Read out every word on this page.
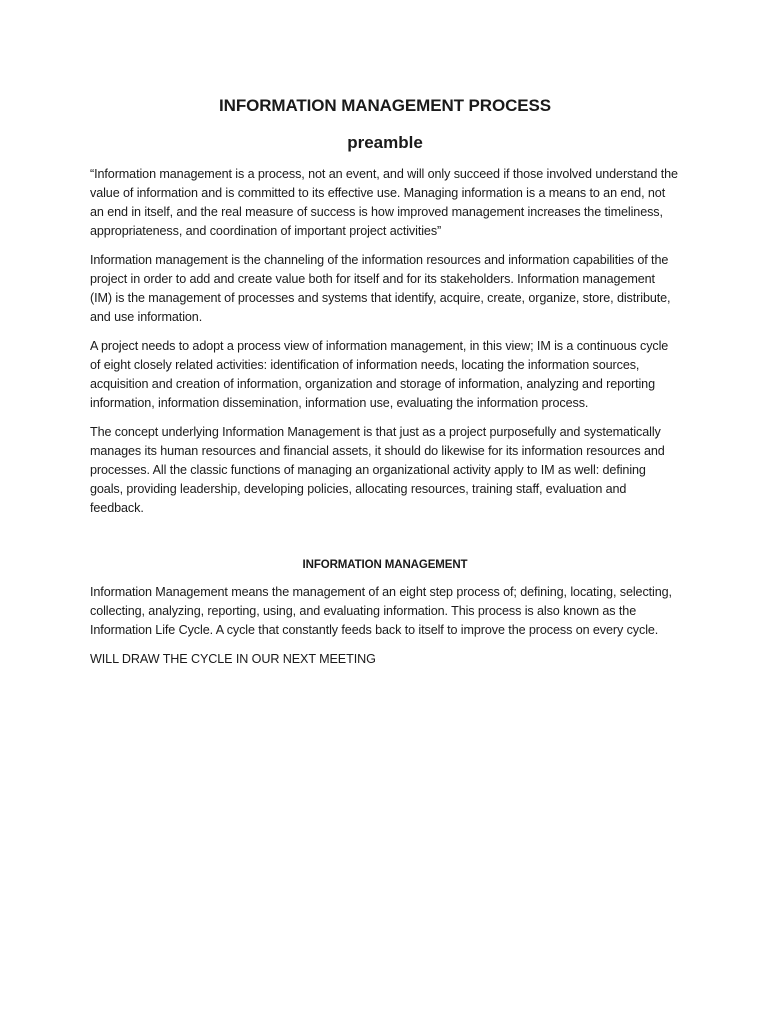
INFORMATION MANAGEMENT PROCESS
preamble

“Information management is a process, not an event, and will only succeed if those involved understand the value of information and is committed to its effective use. Managing information is a means to an end, not an end in itself, and the real measure of success is how improved management increases the timeliness, appropriateness, and coordination of important project activities”

Information management is the channeling of the information resources and information capabilities of the project in order to add and create value both for itself and for its stakeholders. Information management (IM) is the management of processes and systems that identify, acquire, create, organize, store, distribute, and use information.

A project needs to adopt a process view of information management, in this view; IM is a continuous cycle of eight closely related activities: identification of information needs, locating the information sources, acquisition and creation of information, organization and storage of information, analyzing and reporting information, information dissemination, information use, evaluating the information process.

The concept underlying Information Management is that just as a project purposefully and systematically manages its human resources and financial assets, it should do likewise for its information resources and processes. All the classic functions of managing an organizational activity apply to IM as well: defining goals, providing leadership, developing policies, allocating resources, training staff, evaluation and feedback.

INFORMATION MANAGEMENT

Information Management means the management of an eight step process of; defining, locating, selecting, collecting, analyzing, reporting, using, and evaluating information. This process is also known as the Information Life Cycle. A cycle that constantly feeds back to itself to improve the process on every cycle.

WILL DRAW THE CYCLE IN OUR NEXT MEETING
